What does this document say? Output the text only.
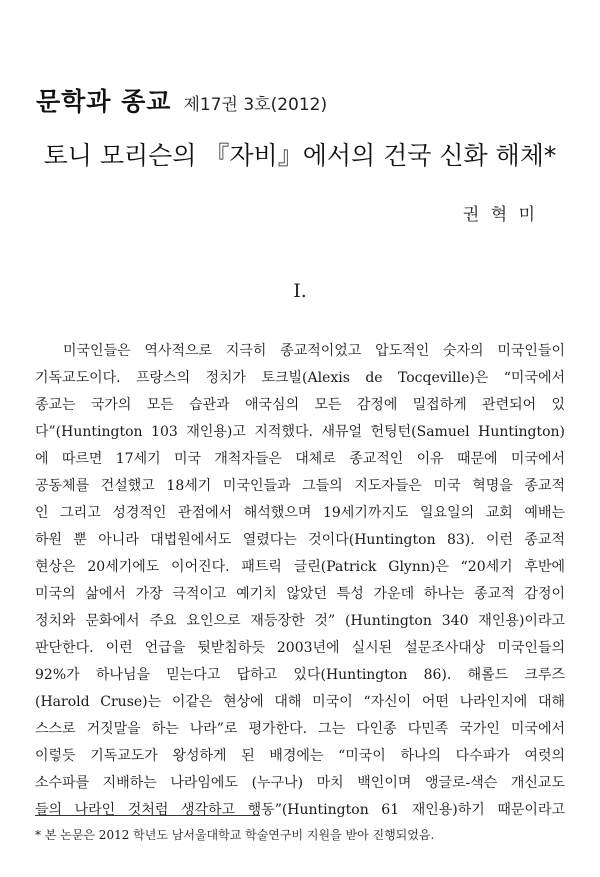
문학과 종교 제17권 3호(2012)
토니 모리슨의 『자비』에서의 건국 신화 해체*
권 혁 미
I.
미국인들은 역사적으로 지극히 종교적이었고 압도적인 숫자의 미국인들이
기독교도이다. 프랑스의 정치가 토크빌(Alexis de Tocqeville)은 “미국에서
종교는 국가의 모든 습관과 애국심의 모든 감정에 밀접하게 관련되어 있
다”(Huntington 103 재인용)고 지적했다. 새뮤얼 헌팅턴(Samuel Huntington)
에 따르면 17세기 미국 개척자들은 대체로 종교적인 이유 때문에 미국에서
공동체를 건설했고 18세기 미국인들과 그들의 지도자들은 미국 혁명을 종교적
인 그리고 성경적인 관점에서 해석했으며 19세기까지도 일요일의 교회 예배는
하원 뿐 아니라 대법원에서도 열렸다는 것이다(Huntington 83). 이런 종교적
현상은 20세기에도 이어진다. 패트릭 글린(Patrick Glynn)은 “20세기 후반에
미국의 삶에서 가장 극적이고 예기치 않았던 특성 가운데 하나는 종교적 감정이
정치와 문화에서 주요 요인으로 재등장한 것” (Huntington 340 재인용)이라고
판단한다. 이런 언급을 뒷받침하듯 2003년에 실시된 설문조사대상 미국인들의
92%가 하나님을 믿는다고 답하고 있다(Huntington 86). 해롤드 크루즈
(Harold Cruse)는 이같은 현상에 대해 미국이 “자신이 어떤 나라인지에 대해
스스로 거짓말을 하는 나라”로 평가한다. 그는 다인종 다민족 국가인 미국에서
이렇듯 기독교도가 왕성하게 된 배경에는 “미국이 하나의 다수파가 여럿의
소수파를 지배하는 나라임에도 (누구나) 마치 백인이며 앵글로-색슨 개신교도
들의 나라인 것처럼 생각하고 행동”(Huntington 61 재인용)하기 때문이라고
* 본 논문은 2012 학년도 남서울대학교 학술연구비 지원을 받아 진행되었음.
